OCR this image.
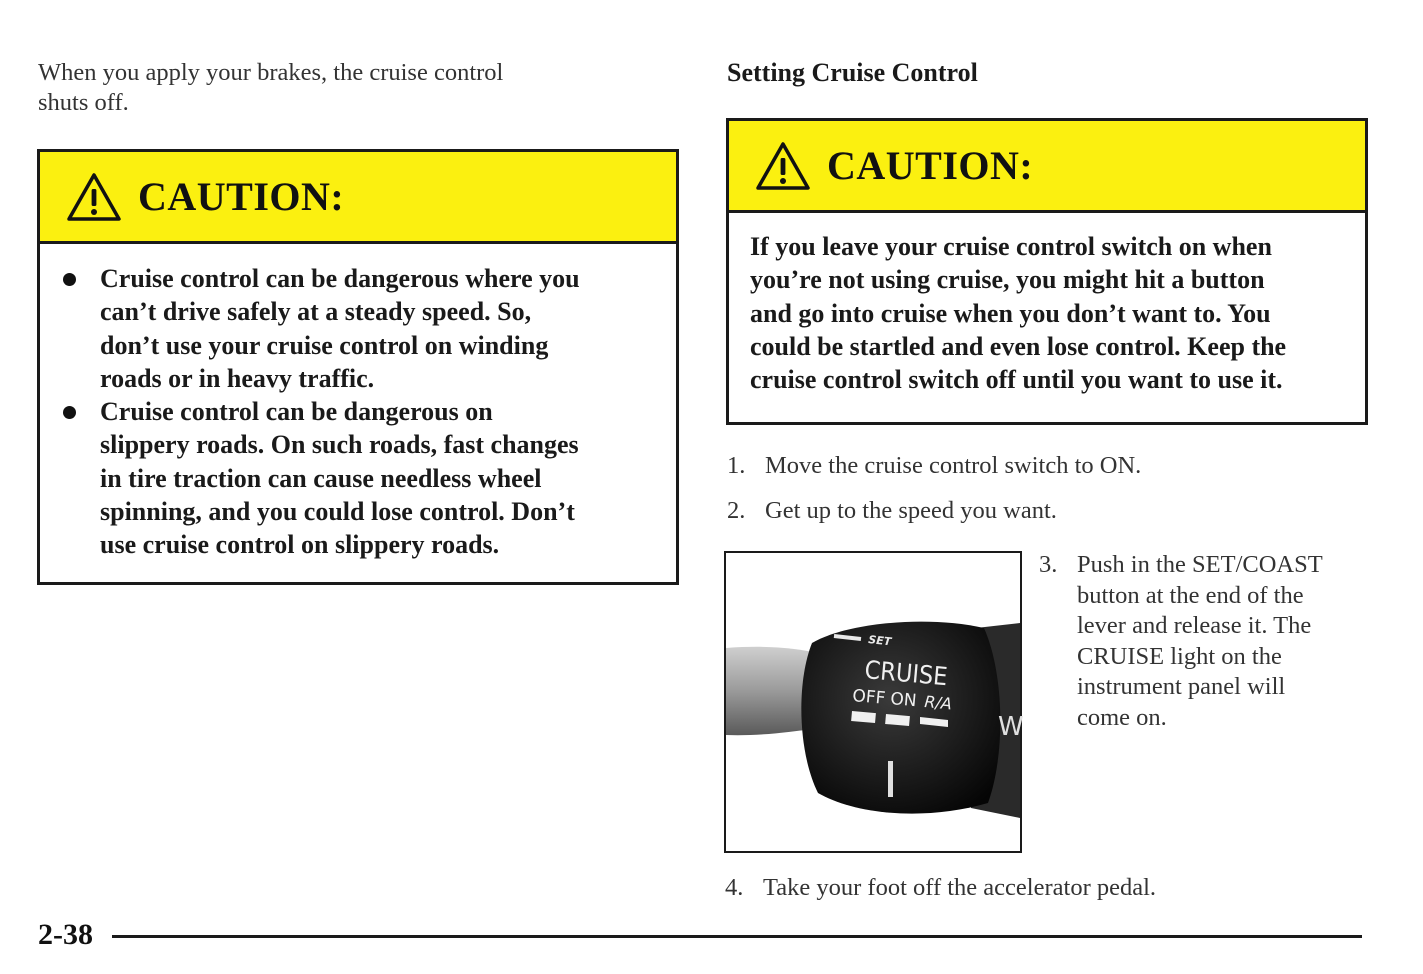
When you apply your brakes, the cruise control
shuts off.
CAUTION:
Cruise control can be dangerous where you
can’t drive safely at a steady speed. So,
don’t use your cruise control on winding
roads or in heavy traffic.
Cruise control can be dangerous on
slippery roads. On such roads, fast changes
in tire traction can cause needless wheel
spinning, and you could lose control. Don’t
use cruise control on slippery roads.
Setting Cruise Control
CAUTION:
If you leave your cruise control switch on when
you’re not using cruise, you might hit a button
and go into cruise when you don’t want to. You
could be startled and even lose control. Keep the
cruise control switch off until you want to use it.
1. Move the cruise control switch to ON.
2. Get up to the speed you want.
SET
CRUISE
OFF ON R/A
W
3. Push in the SET/COAST
button at the end of the
lever and release it. The
CRUISE light on the
instrument panel will
come on.
4. Take your foot off the accelerator pedal.
2-38
